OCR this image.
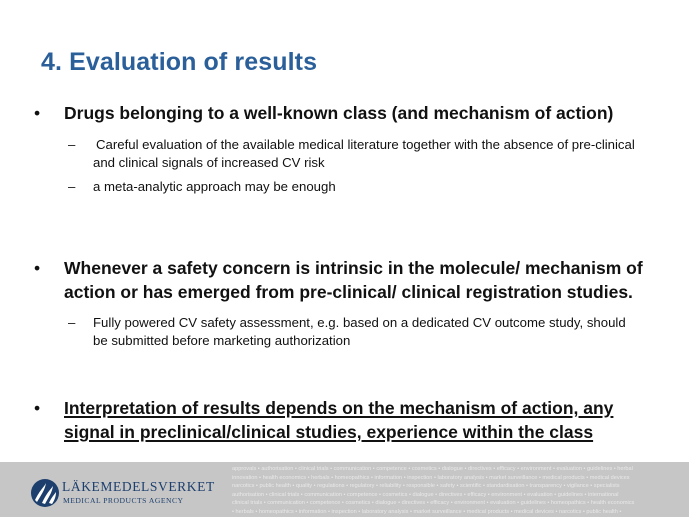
4. Evaluation of results
• Drugs belonging to a well-known class (and mechanism of action)
– Careful evaluation of the available medical literature together with the absence of pre-clinical and clinical signals of increased CV risk
– a meta-analytic approach may be enough
• Whenever a safety concern is intrinsic in the molecule/ mechanism of action or has emerged from pre-clinical/ clinical registration studies.
– Fully powered CV safety assessment, e.g. based on a dedicated CV outcome study, should be submitted before marketing authorization
• Interpretation of results depends on the mechanism of action, any signal in preclinical/clinical studies, experience within the class
approvals • authorisation • clinical trials • communication • competence • cosmetics • dialogue • directives • efficacy • environment • evaluation • guidelines • herbal
innovation • health economics • herbals • homeopathics • information • inspection • laboratory analysis • market surveillance • medical products • medical devices
narcotics • public health • quality • regulations • regulatory • reliability • responsible • safety • scientific • standardisation • transparency • vigilance • specialists
authorisation • clinical trials • communication • competence • cosmetics • dialogue • directives • efficacy • environment • evaluation • guidelines • international
clinical trials • communication • competence • cosmetics • dialogue • directives • efficacy • environment • evaluation • guidelines • homeopathics • health economics
• herbals • homeopathics • information • inspection • laboratory analysis • market surveillance • medical products • medical devices • narcotics • public health •
LÄKEMEDELSVERKET
MEDICAL PRODUCTS AGENCY
